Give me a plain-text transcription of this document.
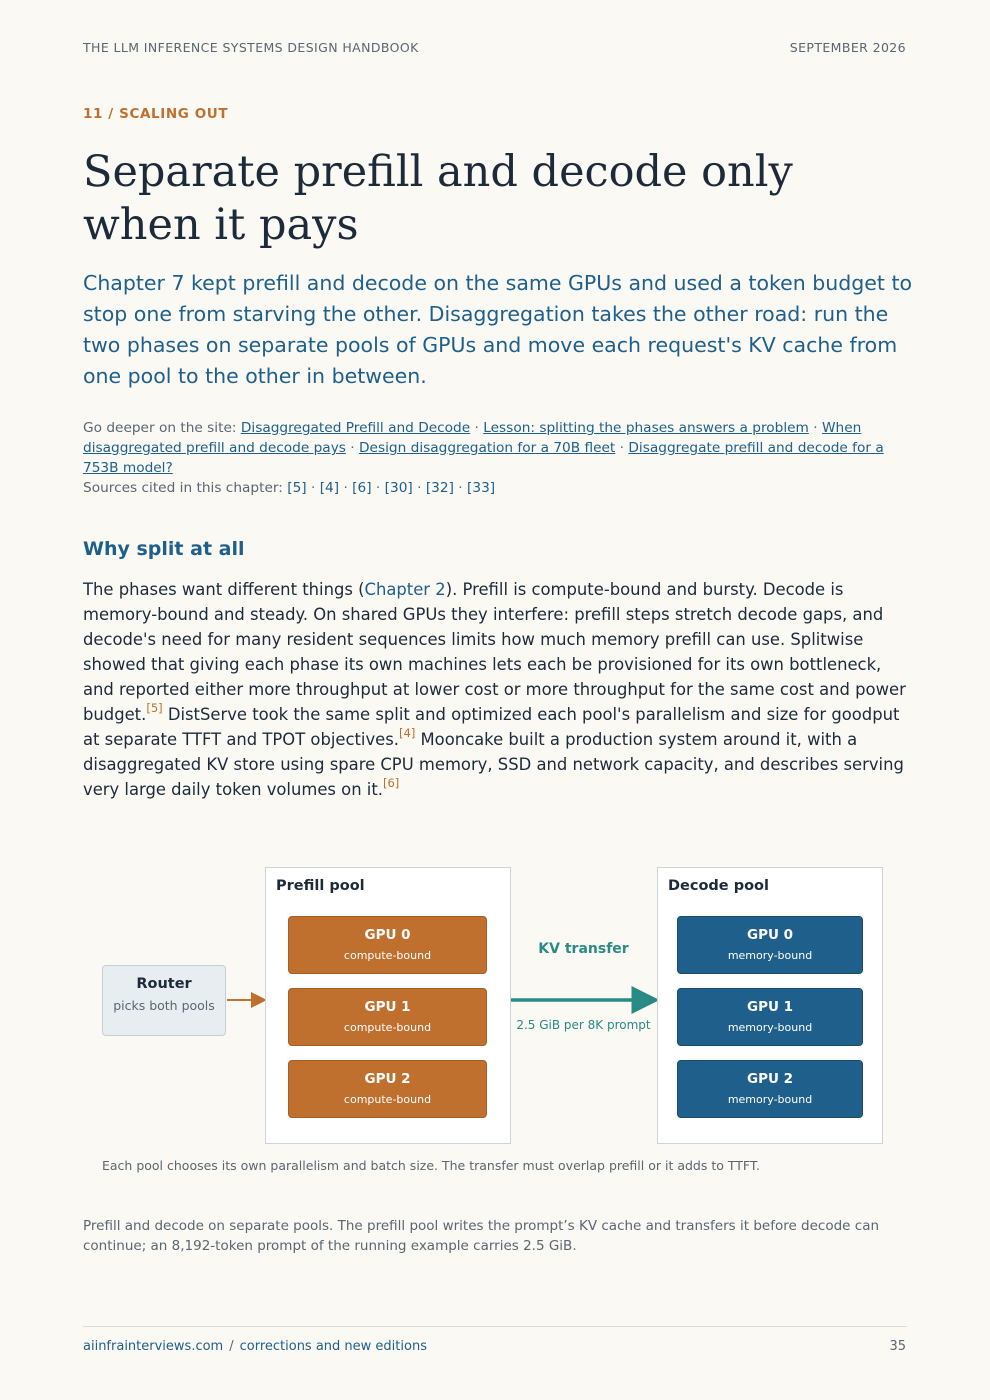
THE LLM INFERENCE SYSTEMS DESIGN HANDBOOK	SEPTEMBER 2026
11 / SCALING OUT
Separate prefill and decode only when it pays

Chapter 7 kept prefill and decode on the same GPUs and used a token budget to stop one from starving the other. Disaggregation takes the other road: run the two phases on separate pools of GPUs and move each request's KV cache from one pool to the other in between.

Go deeper on the site: Disaggregated Prefill and Decode · Lesson: splitting the phases answers a problem · When disaggregated prefill and decode pays · Design disaggregation for a 70B fleet · Disaggregate prefill and decode for a 753B model?
Sources cited in this chapter: [5] · [4] · [6] · [30] · [32] · [33]
Why split at all

The phases want different things (Chapter 2). Prefill is compute-bound and bursty. Decode is memory-bound and steady. On shared GPUs they interfere: prefill steps stretch decode gaps, and decode's need for many resident sequences limits how much memory prefill can use. Splitwise showed that giving each phase its own machines lets each be provisioned for its own bottleneck, and reported either more throughput at lower cost or more throughput for the same cost and power budget.[5] DistServe took the same split and optimized each pool's parallelism and size for goodput at separate TTFT and TPOT objectives.[4] Mooncake built a production system around it, with a disaggregated KV store using spare CPU memory, SSD and network capacity, and describes serving very large daily token volumes on it.[6]

Router
picks both pools
Prefill pool
GPU 0
compute-bound
GPU 1
compute-bound
GPU 2
compute-bound
KV transfer
2.5 GiB per 8K prompt
Decode pool
GPU 0
memory-bound
GPU 1
memory-bound
GPU 2
memory-bound
Each pool chooses its own parallelism and batch size. The transfer must overlap prefill or it adds to TTFT.

Prefill and decode on separate pools. The prefill pool writes the prompt’s KV cache and transfers it before decode can continue; an 8,192-token prompt of the running example carries 2.5 GiB.

aiinfrainterviews.com / corrections and new editions	35
